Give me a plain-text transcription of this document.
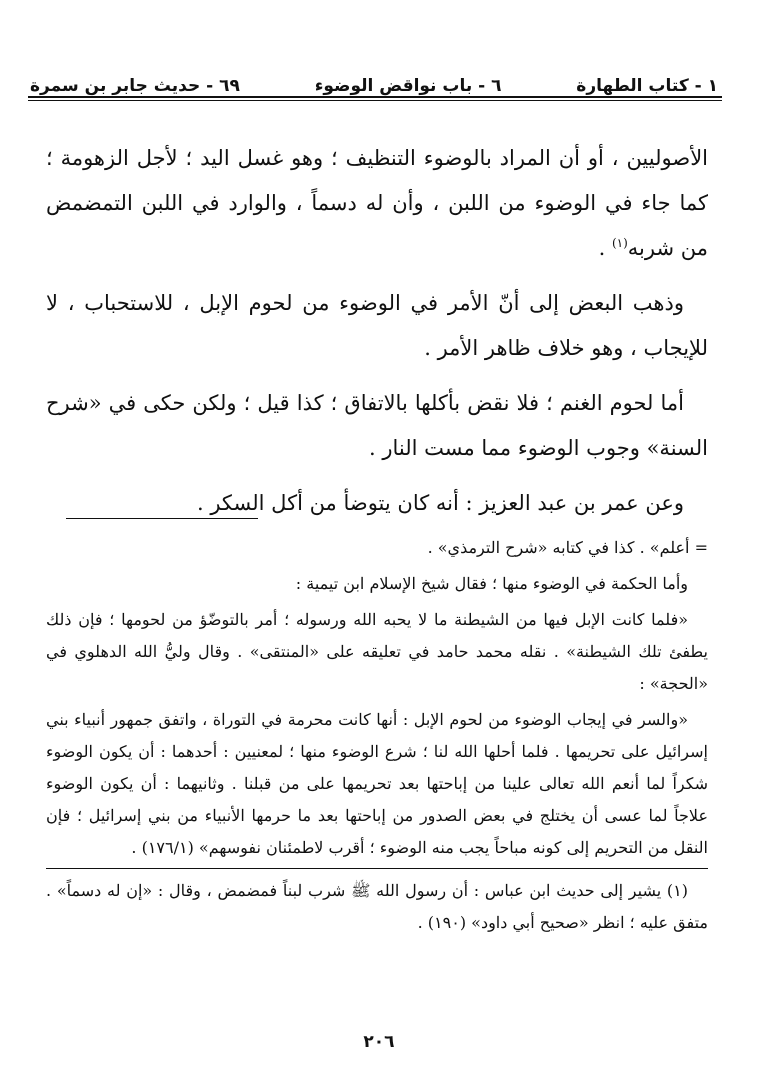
١ - كتاب الطهارة
٦ - باب نواقض الوضوء
٦٩ - حديث جابر بن سمرة

الأصوليين ، أو أن المراد بالوضوء التنظيف ؛ وهو غسل اليد ؛ لأجل الزهومة ؛ كما جاء في الوضوء من اللبن ، وأن له دسماً ، والوارد في اللبن التمضمض من شربه$^{(١)}$ .

وذهب البعض إلى أنّ الأمر في الوضوء من لحوم الإبل ، للاستحباب ، لا للإيجاب ، وهو خلاف ظاهر الأمر .

أما لحوم الغنم ؛ فلا نقض بأكلها بالاتفاق ؛ كذا قيل ؛ ولكن حكى في «شرح السنة» وجوب الوضوء مما مست النار .

وعن عمر بن عبد العزيز : أنه كان يتوضأ من أكل السكر .

= أعلم» . كذا في كتابه «شرح الترمذي» .

وأما الحكمة في الوضوء منها ؛ فقال شيخ الإسلام ابن تيمية :

«فلما كانت الإبل فيها من الشيطنة ما لا يحبه الله ورسوله ؛ أمر بالتوضّؤ من لحومها ؛ فإن ذلك يطفئ تلك الشيطنة» . نقله محمد حامد في تعليقه على «المنتقى» . وقال وليُّ الله الدهلوي في «الحجة» :

«والسر في إيجاب الوضوء من لحوم الإبل : أنها كانت محرمة في التوراة ، واتفق جمهور أنبياء بني إسرائيل على تحريمها . فلما أحلها الله لنا ؛ شرع الوضوء منها ؛ لمعنيين : أحدهما : أن يكون الوضوء شكراً لما أنعم الله تعالى علينا من إباحتها بعد تحريمها على من قبلنا . وثانيهما : أن يكون الوضوء علاجاً لما عسى أن يختلج في بعض الصدور من إباحتها بعد ما حرمها الأنبياء من بني إسرائيل ؛ فإن النقل من التحريم إلى كونه مباحاً يجب منه الوضوء ؛ أقرب لاطمئنان نفوسهم» (١٧٦/١) .

(١) يشير إلى حديث ابن عباس : أن رسول الله ﷺ شرب لبناً فمضمض ، وقال : «إن له دسماً» . متفق عليه ؛ انظر «صحيح أبي داود» (١٩٠) .

٢٠٦
